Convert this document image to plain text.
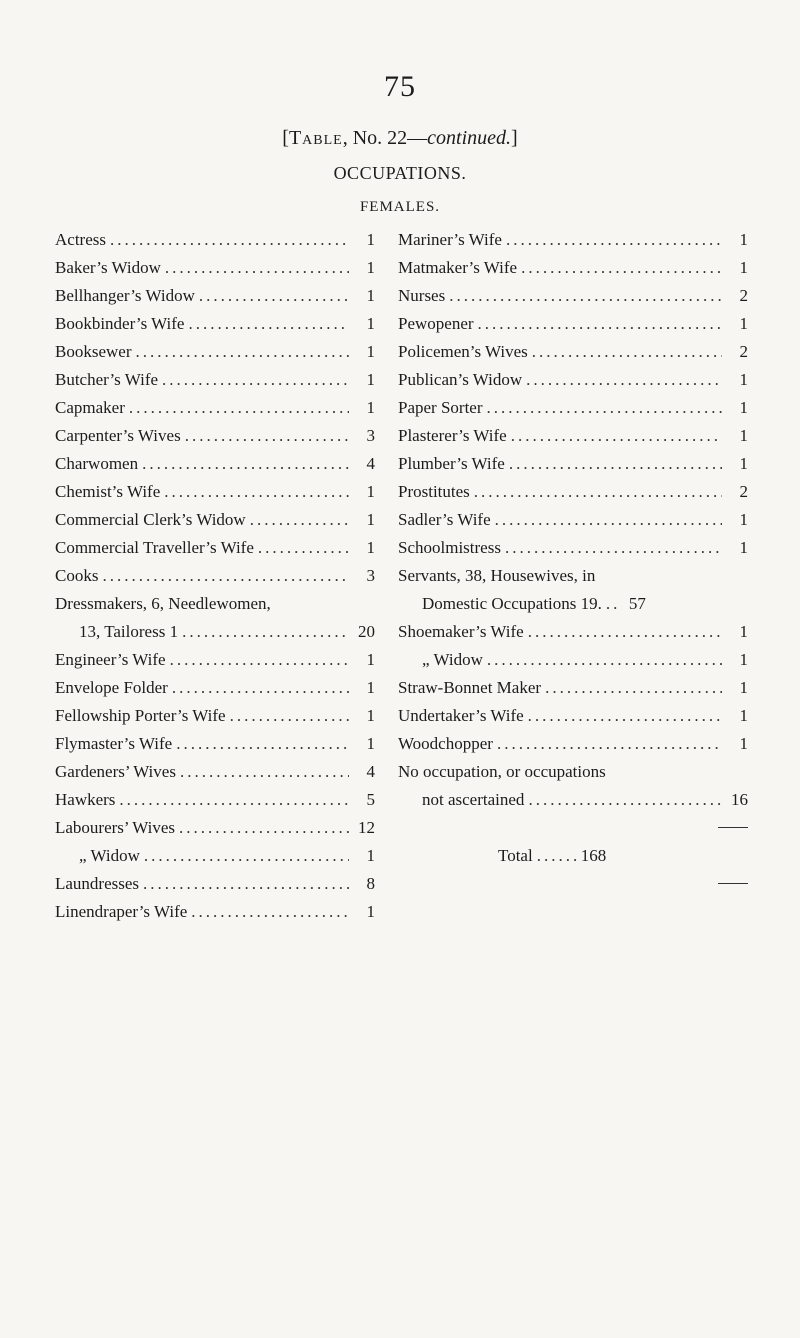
75
[Table, No. 22—continued.]
OCCUPATIONS.
FEMALES.
Actress .....	1
Baker’s Widow .....	1
Bellhanger’s Widow .....	1
Bookbinder’s Wife .....	1
Booksewer .....	1
Butcher’s Wife .....	1
Capmaker .....	1
Carpenter’s Wives .....	3
Charwomen .....	4
Chemist’s Wife .....	1
Commercial Clerk’s Widow .....	1
Commercial Traveller’s Wife .....	1
Cooks .....	3
Dressmakers, 6, Needlewomen,
13, Tailoress 1 .....	20
Engineer’s Wife .....	1
Envelope Folder .....	1
Fellowship Porter’s Wife .....	1
Flymaster’s Wife .....	1
Gardeners’ Wives .....	4
Hawkers .....	5
Labourers’ Wives .....	12
„ Widow .....	1
Laundresses .....	8
Linendraper’s Wife .....	1
Mariner’s Wife .....	1
Matmaker’s Wife .....	1
Nurses .....	2
Pewopener .....	1
Policemen’s Wives .....	2
Publican’s Widow .....	1
Paper Sorter .....	1
Plasterer’s Wife .....	1
Plumber’s Wife .....	1
Prostitutes .....	2
Sadler’s Wife .....	1
Schoolmistress .....	1
Servants, 38, Housewives, in
Domestic Occupations 19. ..... 57
Shoemaker’s Wife .....	1
„ Widow .....	1
Straw-Bonnet Maker .....	1
Undertaker’s Wife .....	1
Woodchopper .....	1
No occupation, or occupations
not ascertained .....	16
Total .....	168
